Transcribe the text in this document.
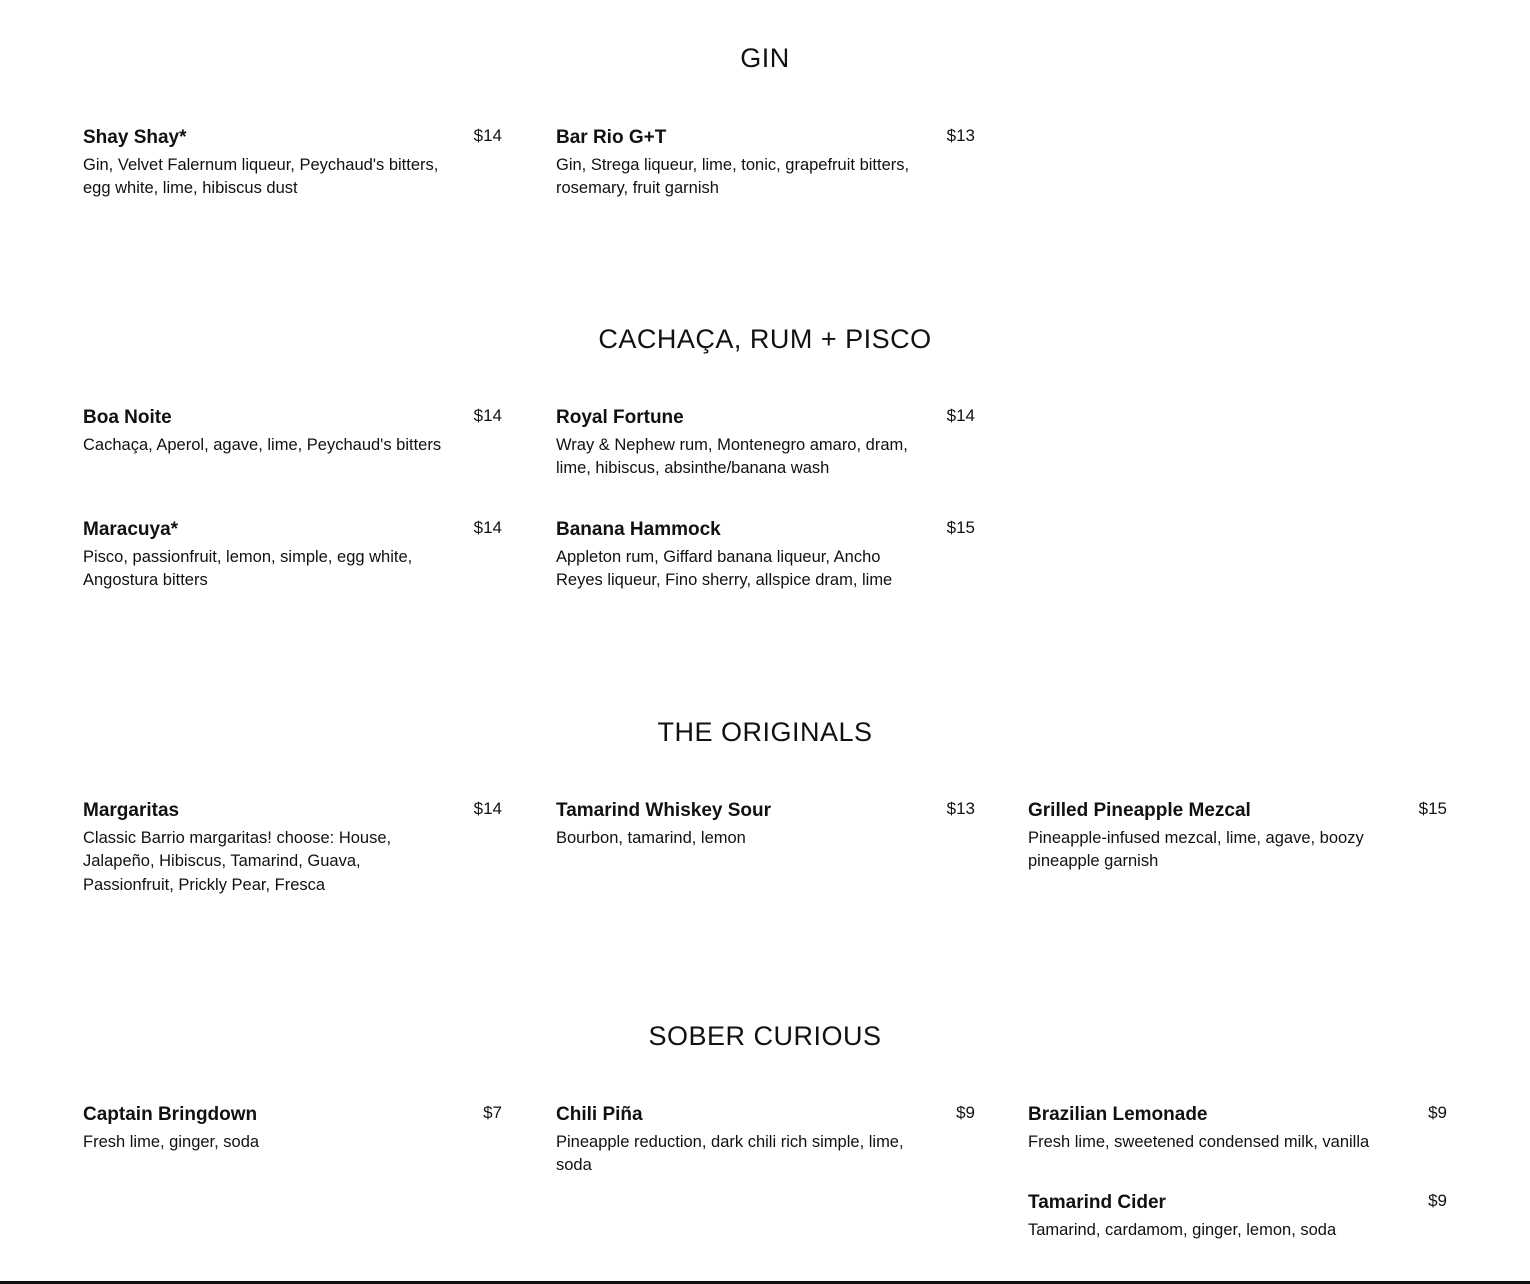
GIN
Shay Shay*	$14
Gin, Velvet Falernum liqueur, Peychaud's bitters, egg white, lime, hibiscus dust
Bar Rio G+T	$13
Gin, Strega liqueur, lime, tonic, grapefruit bitters, rosemary, fruit garnish
CACHAÇA, RUM + PISCO
Boa Noite	$14
Cachaça, Aperol, agave, lime, Peychaud's bitters
Royal Fortune	$14
Wray & Nephew rum, Montenegro amaro, dram, lime, hibiscus, absinthe/banana wash
Maracuya*	$14
Pisco, passionfruit, lemon, simple, egg white, Angostura bitters
Banana Hammock	$15
Appleton rum, Giffard banana liqueur, Ancho Reyes liqueur, Fino sherry, allspice dram, lime
THE ORIGINALS
Margaritas	$14
Classic Barrio margaritas! choose: House, Jalapeño, Hibiscus, Tamarind, Guava, Passionfruit, Prickly Pear, Fresca
Tamarind Whiskey Sour	$13
Bourbon, tamarind, lemon
Grilled Pineapple Mezcal	$15
Pineapple-infused mezcal, lime, agave, boozy pineapple garnish
SOBER CURIOUS
Captain Bringdown	$7
Fresh lime, ginger, soda
Chili Piña	$9
Pineapple reduction, dark chili rich simple, lime, soda
Brazilian Lemonade	$9
Fresh lime, sweetened condensed milk, vanilla
Tamarind Cider	$9
Tamarind, cardamom, ginger, lemon, soda
